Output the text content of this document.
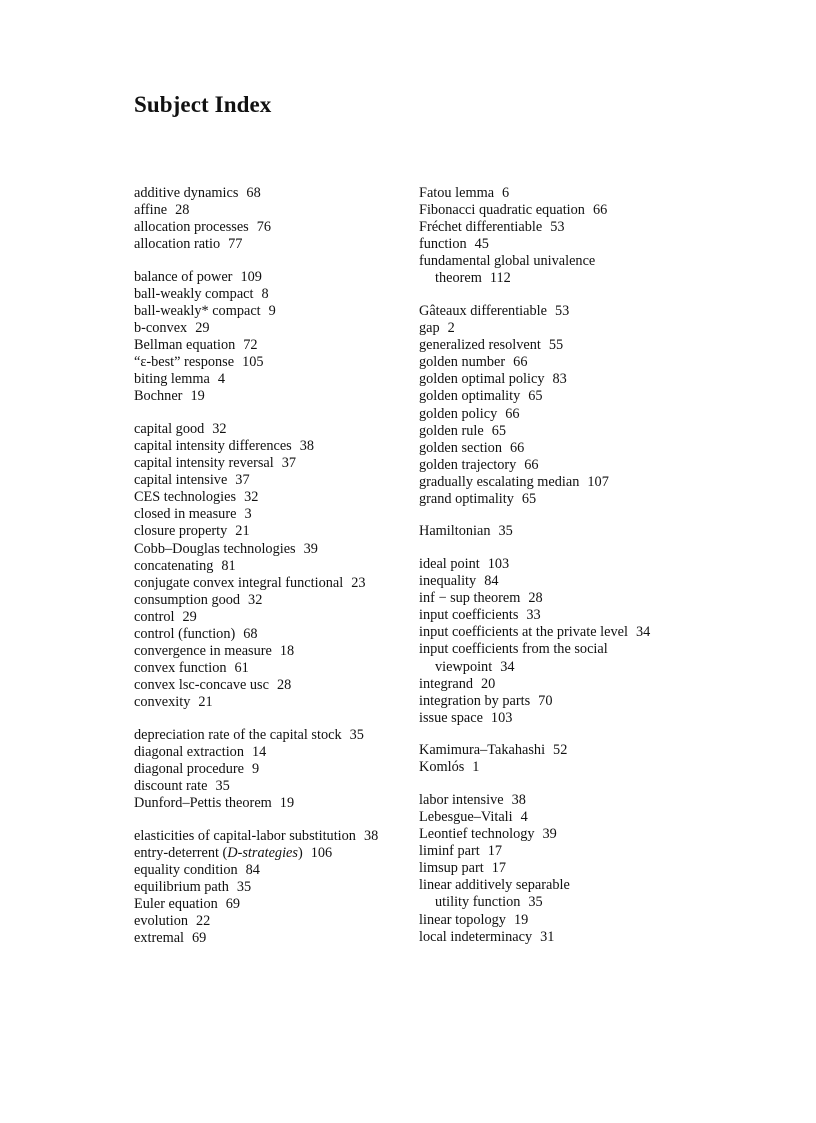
Subject Index
additive dynamics 68
affine 28
allocation processes 76
allocation ratio 77
balance of power 109
ball-weakly compact 8
ball-weakly* compact 9
b-convex 29
Bellman equation 72
“ε-best” response 105
biting lemma 4
Bochner 19
capital good 32
capital intensity differences 38
capital intensity reversal 37
capital intensive 37
CES technologies 32
closed in measure 3
closure property 21
Cobb–Douglas technologies 39
concatenating 81
conjugate convex integral functional 23
consumption good 32
control 29
control (function) 68
convergence in measure 18
convex function 61
convex lsc-concave usc 28
convexity 21
depreciation rate of the capital stock 35
diagonal extraction 14
diagonal procedure 9
discount rate 35
Dunford–Pettis theorem 19
elasticities of capital-labor substitution 38
entry-deterrent (D-strategies) 106
equality condition 84
equilibrium path 35
Euler equation 69
evolution 22
extremal 69
Fatou lemma 6
Fibonacci quadratic equation 66
Fréchet differentiable 53
function 45
fundamental global univalence
theorem 112
Gâteaux differentiable 53
gap 2
generalized resolvent 55
golden number 66
golden optimal policy 83
golden optimality 65
golden policy 66
golden rule 65
golden section 66
golden trajectory 66
gradually escalating median 107
grand optimality 65
Hamiltonian 35
ideal point 103
inequality 84
inf − sup theorem 28
input coefficients 33
input coefficients at the private level 34
input coefficients from the social
viewpoint 34
integrand 20
integration by parts 70
issue space 103
Kamimura–Takahashi 52
Komlós 1
labor intensive 38
Lebesgue–Vitali 4
Leontief technology 39
liminf part 17
limsup part 17
linear additively separable
utility function 35
linear topology 19
local indeterminacy 31
